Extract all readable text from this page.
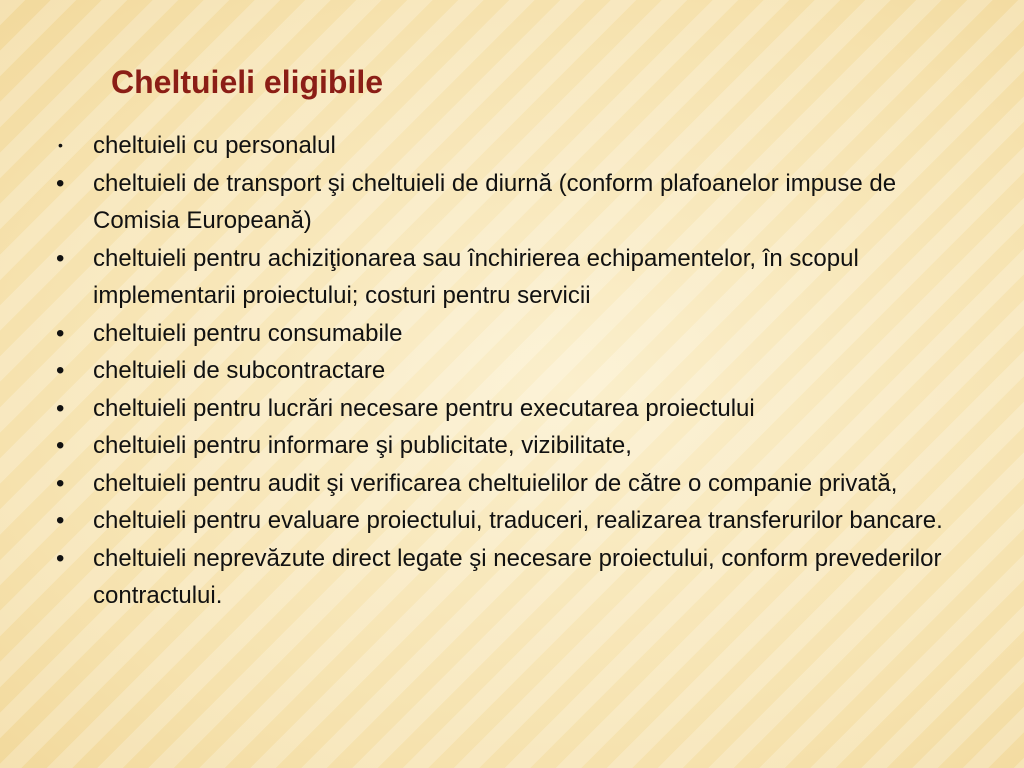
Cheltuieli eligibile
•	cheltuieli cu personalul
•	cheltuieli de transport şi cheltuieli de diurnă (conform plafoanelor impuse de Comisia Europeană)
•	cheltuieli pentru achiziţionarea sau închirierea echipamentelor, în scopul implementarii proiectului; costuri pentru servicii
•	cheltuieli pentru consumabile
•	cheltuieli de subcontractare
•	cheltuieli pentru lucrări necesare pentru executarea proiectului
•	cheltuieli pentru informare şi publicitate, vizibilitate,
•	cheltuieli pentru audit şi verificarea cheltuielilor de către o companie privată,
•	cheltuieli pentru evaluare proiectului, traduceri, realizarea transferurilor bancare.
•	cheltuieli neprevăzute direct legate şi necesare proiectului, conform prevederilor contractului.
